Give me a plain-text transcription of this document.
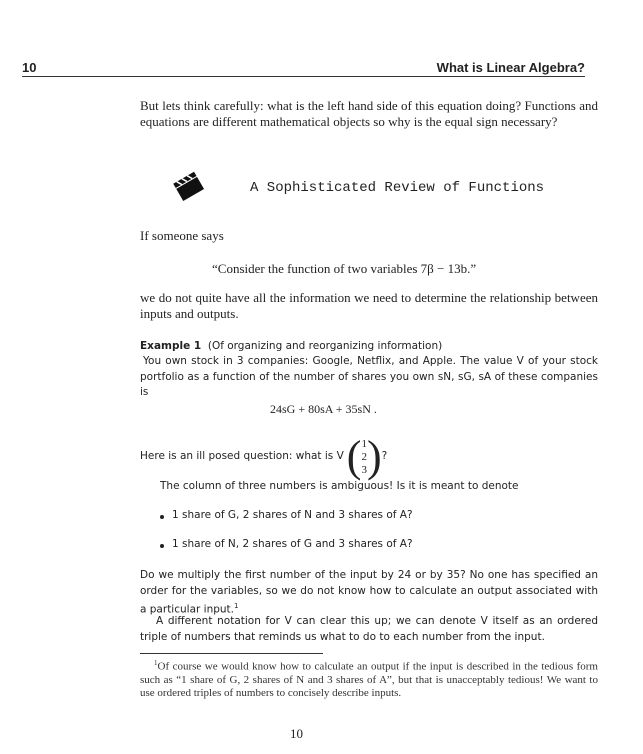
10	What is Linear Algebra?
But lets think carefully: what is the left hand side of this equation doing? Functions and equations are different mathematical objects so why is the equal sign necessary?
A Sophisticated Review of Functions
If someone says
“Consider the function of two variables 7β − 13b.”
we do not quite have all the information we need to determine the relationship between inputs and outputs.
Example 1 (Of organizing and reorganizing information)
You own stock in 3 companies: Google, Netflix, and Apple. The value V of your stock portfolio as a function of the number of shares you own sN, sG, sA of these companies is
24sG + 80sA + 35sN .
Here is an ill posed question: what is V ( 1
2
3 ) ?
The column of three numbers is ambiguous! Is it is meant to denote
1 share of G, 2 shares of N and 3 shares of A?
1 share of N, 2 shares of G and 3 shares of A?
Do we multiply the first number of the input by 24 or by 35? No one has specified an order for the variables, so we do not know how to calculate an output associated with a particular input.$^1$
A different notation for V can clear this up; we can denote V itself as an ordered triple of numbers that reminds us what to do to each number from the input.
$^1$Of course we would know how to calculate an output if the input is described in the tedious form such as “1 share of G, 2 shares of N and 3 shares of A”, but that is unacceptably tedious! We want to use ordered triples of numbers to concisely describe inputs.
10
